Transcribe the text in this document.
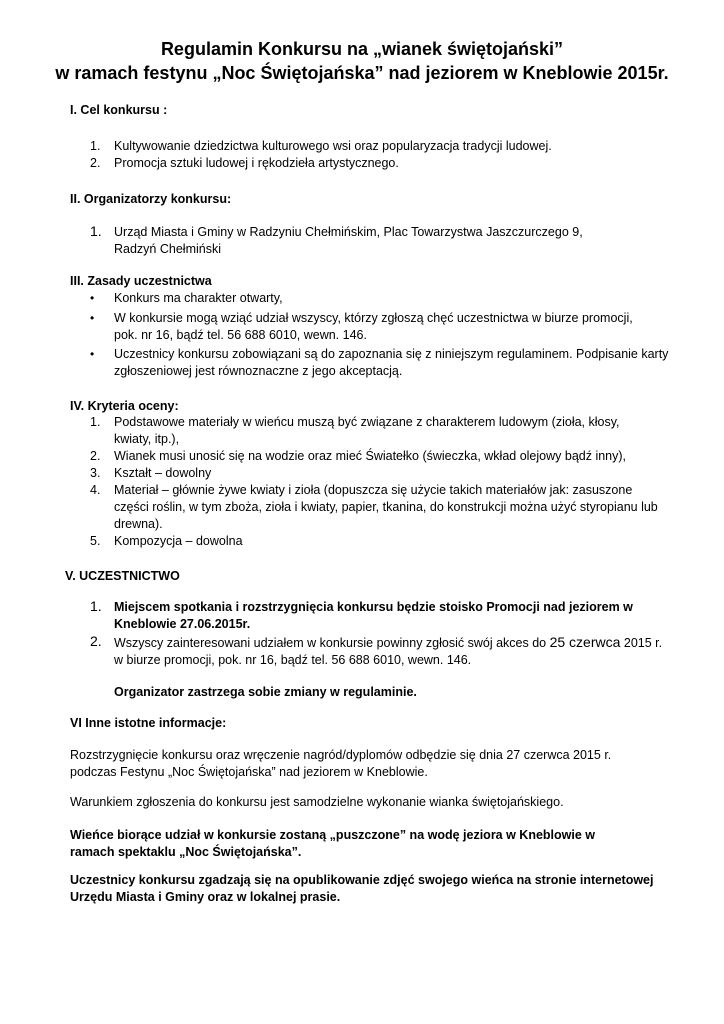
Regulamin Konkursu na „wianek świętojański”
w ramach festynu „Noc Świętojańska” nad jeziorem w Kneblowie 2015r.

I. Cel konkursu :

1. Kultywowanie dziedzictwa kulturowego wsi oraz popularyzacja tradycji ludowej.
2. Promocja sztuki ludowej i rękodzieła artystycznego.

II. Organizatorzy konkursu:

1. Urząd Miasta i Gminy w Radzyniu Chełmińskim, Plac Towarzystwa Jaszczurczego 9, Radzyń Chełmiński

III. Zasady uczestnictwa

• Konkurs ma charakter otwarty,
• W konkursie mogą wziąć udział wszyscy, którzy zgłoszą chęć uczestnictwa w biurze promocji, pok. nr 16, bądź tel. 56 688 6010, wewn. 146.
• Uczestnicy konkursu zobowiązani są do zapoznania się z niniejszym regulaminem. Podpisanie karty zgłoszeniowej jest równoznaczne z jego akceptacją.

IV. Kryteria oceny:

1. Podstawowe materiały w wieńcu muszą być związane z charakterem ludowym (zioła, kłosy, kwiaty, itp.),
2. Wianek musi unosić się na wodzie oraz mieć Światełko (świeczka, wkład olejowy bądź inny),
3. Kształt – dowolny
4. Materiał – głównie żywe kwiaty i zioła (dopuszcza się użycie takich materiałów jak: zasuszone części roślin, w tym zboża, zioła i kwiaty, papier, tkanina, do konstrukcji można użyć styropianu lub drewna).
5. Kompozycja – dowolna

V. UCZESTNICTWO

1. Miejscem spotkania i rozstrzygnięcia konkursu będzie stoisko Promocji nad jeziorem w Kneblowie 27.06.2015r.
2. Wszyscy zainteresowani udziałem w konkursie powinny zgłosić swój akces do 25 czerwca 2015 r.
w biurze promocji, pok. nr 16, bądź tel. 56 688 6010, wewn. 146.
Organizator zastrzega sobie zmiany w regulaminie.

VI Inne istotne informacje:

Rozstrzygnięcie konkursu oraz wręczenie nagród/dyplomów odbędzie się dnia 27 czerwca 2015 r. podczas Festynu „Noc Świętojańska” nad jeziorem w Kneblowie.

Warunkiem zgłoszenia do konkursu jest samodzielne wykonanie wianka świętojańskiego.

Wieńce biorące udział w konkursie zostaną „puszczone” na wodę jeziora w Kneblowie w ramach spektaklu „Noc Świętojańska”.

Uczestnicy konkursu zgadzają się na opublikowanie zdjęć swojego wieńca na stronie internetowej Urzędu Miasta i Gminy oraz w lokalnej prasie.
